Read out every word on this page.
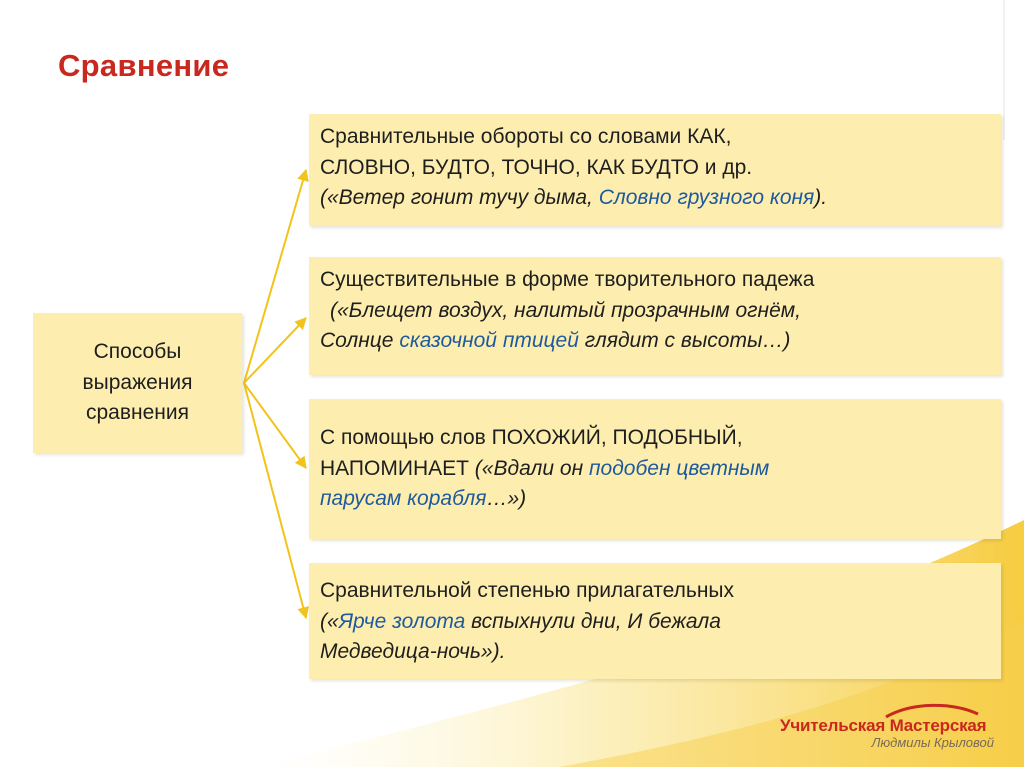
Сравнение
Способы выражения сравнения
Сравнительные обороты со словами КАК,
СЛОВНО, БУДТО, ТОЧНО, КАК БУДТО и др.
(«Ветер гонит тучу дыма, Словно грузного коня).
Существительные в форме творительного падежа
(«Блещет воздух, налитый прозрачным огнём,
Солнце сказочной птицей глядит с высоты…)
С помощью слов ПОХОЖИЙ, ПОДОБНЫЙ,
НАПОМИНАЕТ («Вдали он подобен цветным
парусам корабля…»)
Сравнительной степенью прилагательных
(«Ярче золота вспыхнули дни, И бежала
Медведица-ночь»).
Учительская Мастерская
Людмилы Крыловой
